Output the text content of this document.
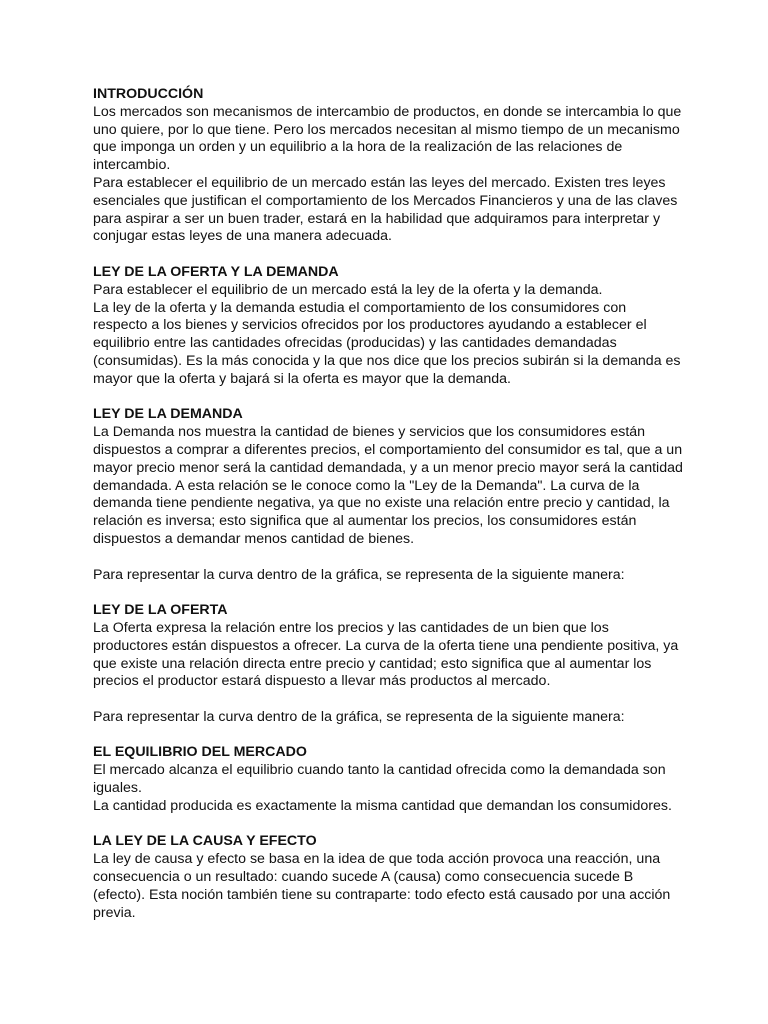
INTRODUCCIÓN

Los mercados son mecanismos de intercambio de productos, en donde se intercambia lo que uno quiere, por lo que tiene. Pero los mercados necesitan al mismo tiempo de un mecanismo que imponga un orden y un equilibrio a la hora de la realización de las relaciones de intercambio.

Para establecer el equilibrio de un mercado están las leyes del mercado. Existen tres leyes esenciales que justifican el comportamiento de los Mercados Financieros y una de las claves para aspirar a ser un buen trader, estará en la habilidad que adquiramos para interpretar y conjugar estas leyes de una manera adecuada.

LEY DE LA OFERTA Y LA DEMANDA

Para establecer el equilibrio de un mercado está la ley de la oferta y la demanda.

La ley de la oferta y la demanda estudia el comportamiento de los consumidores con respecto a los bienes y servicios ofrecidos por los productores ayudando a establecer el equilibrio entre las cantidades ofrecidas (producidas) y las cantidades demandadas (consumidas). Es la más conocida y la que nos dice que los precios subirán si la demanda es mayor que la oferta y bajará si la oferta es mayor que la demanda.

LEY DE LA DEMANDA

La Demanda nos muestra la cantidad de bienes y servicios que los consumidores están dispuestos a comprar a diferentes precios, el comportamiento del consumidor es tal, que a un mayor precio menor será la cantidad demandada, y a un menor precio mayor será la cantidad demandada. A esta relación se le conoce como la "Ley de la Demanda". La curva de la demanda tiene pendiente negativa, ya que no existe una relación entre precio y cantidad, la relación es inversa; esto significa que al aumentar los precios, los consumidores están dispuestos a demandar menos cantidad de bienes.

Para representar la curva dentro de la gráfica, se representa de la siguiente manera:

LEY DE LA OFERTA

La Oferta expresa la relación entre los precios y las cantidades de un bien que los productores están dispuestos a ofrecer. La curva de la oferta tiene una pendiente positiva, ya que existe una relación directa entre precio y cantidad; esto significa que al aumentar los precios el productor estará dispuesto a llevar más productos al mercado.

Para representar la curva dentro de la gráfica, se representa de la siguiente manera:

EL EQUILIBRIO DEL MERCADO

El mercado alcanza el equilibrio cuando tanto la cantidad ofrecida como la demandada son iguales.

La cantidad producida es exactamente la misma cantidad que demandan los consumidores.

LA LEY DE LA CAUSA Y EFECTO

La ley de causa y efecto se basa en la idea de que toda acción provoca una reacción, una consecuencia o un resultado: cuando sucede A (causa) como consecuencia sucede B (efecto). Esta noción también tiene su contraparte: todo efecto está causado por una acción previa.
